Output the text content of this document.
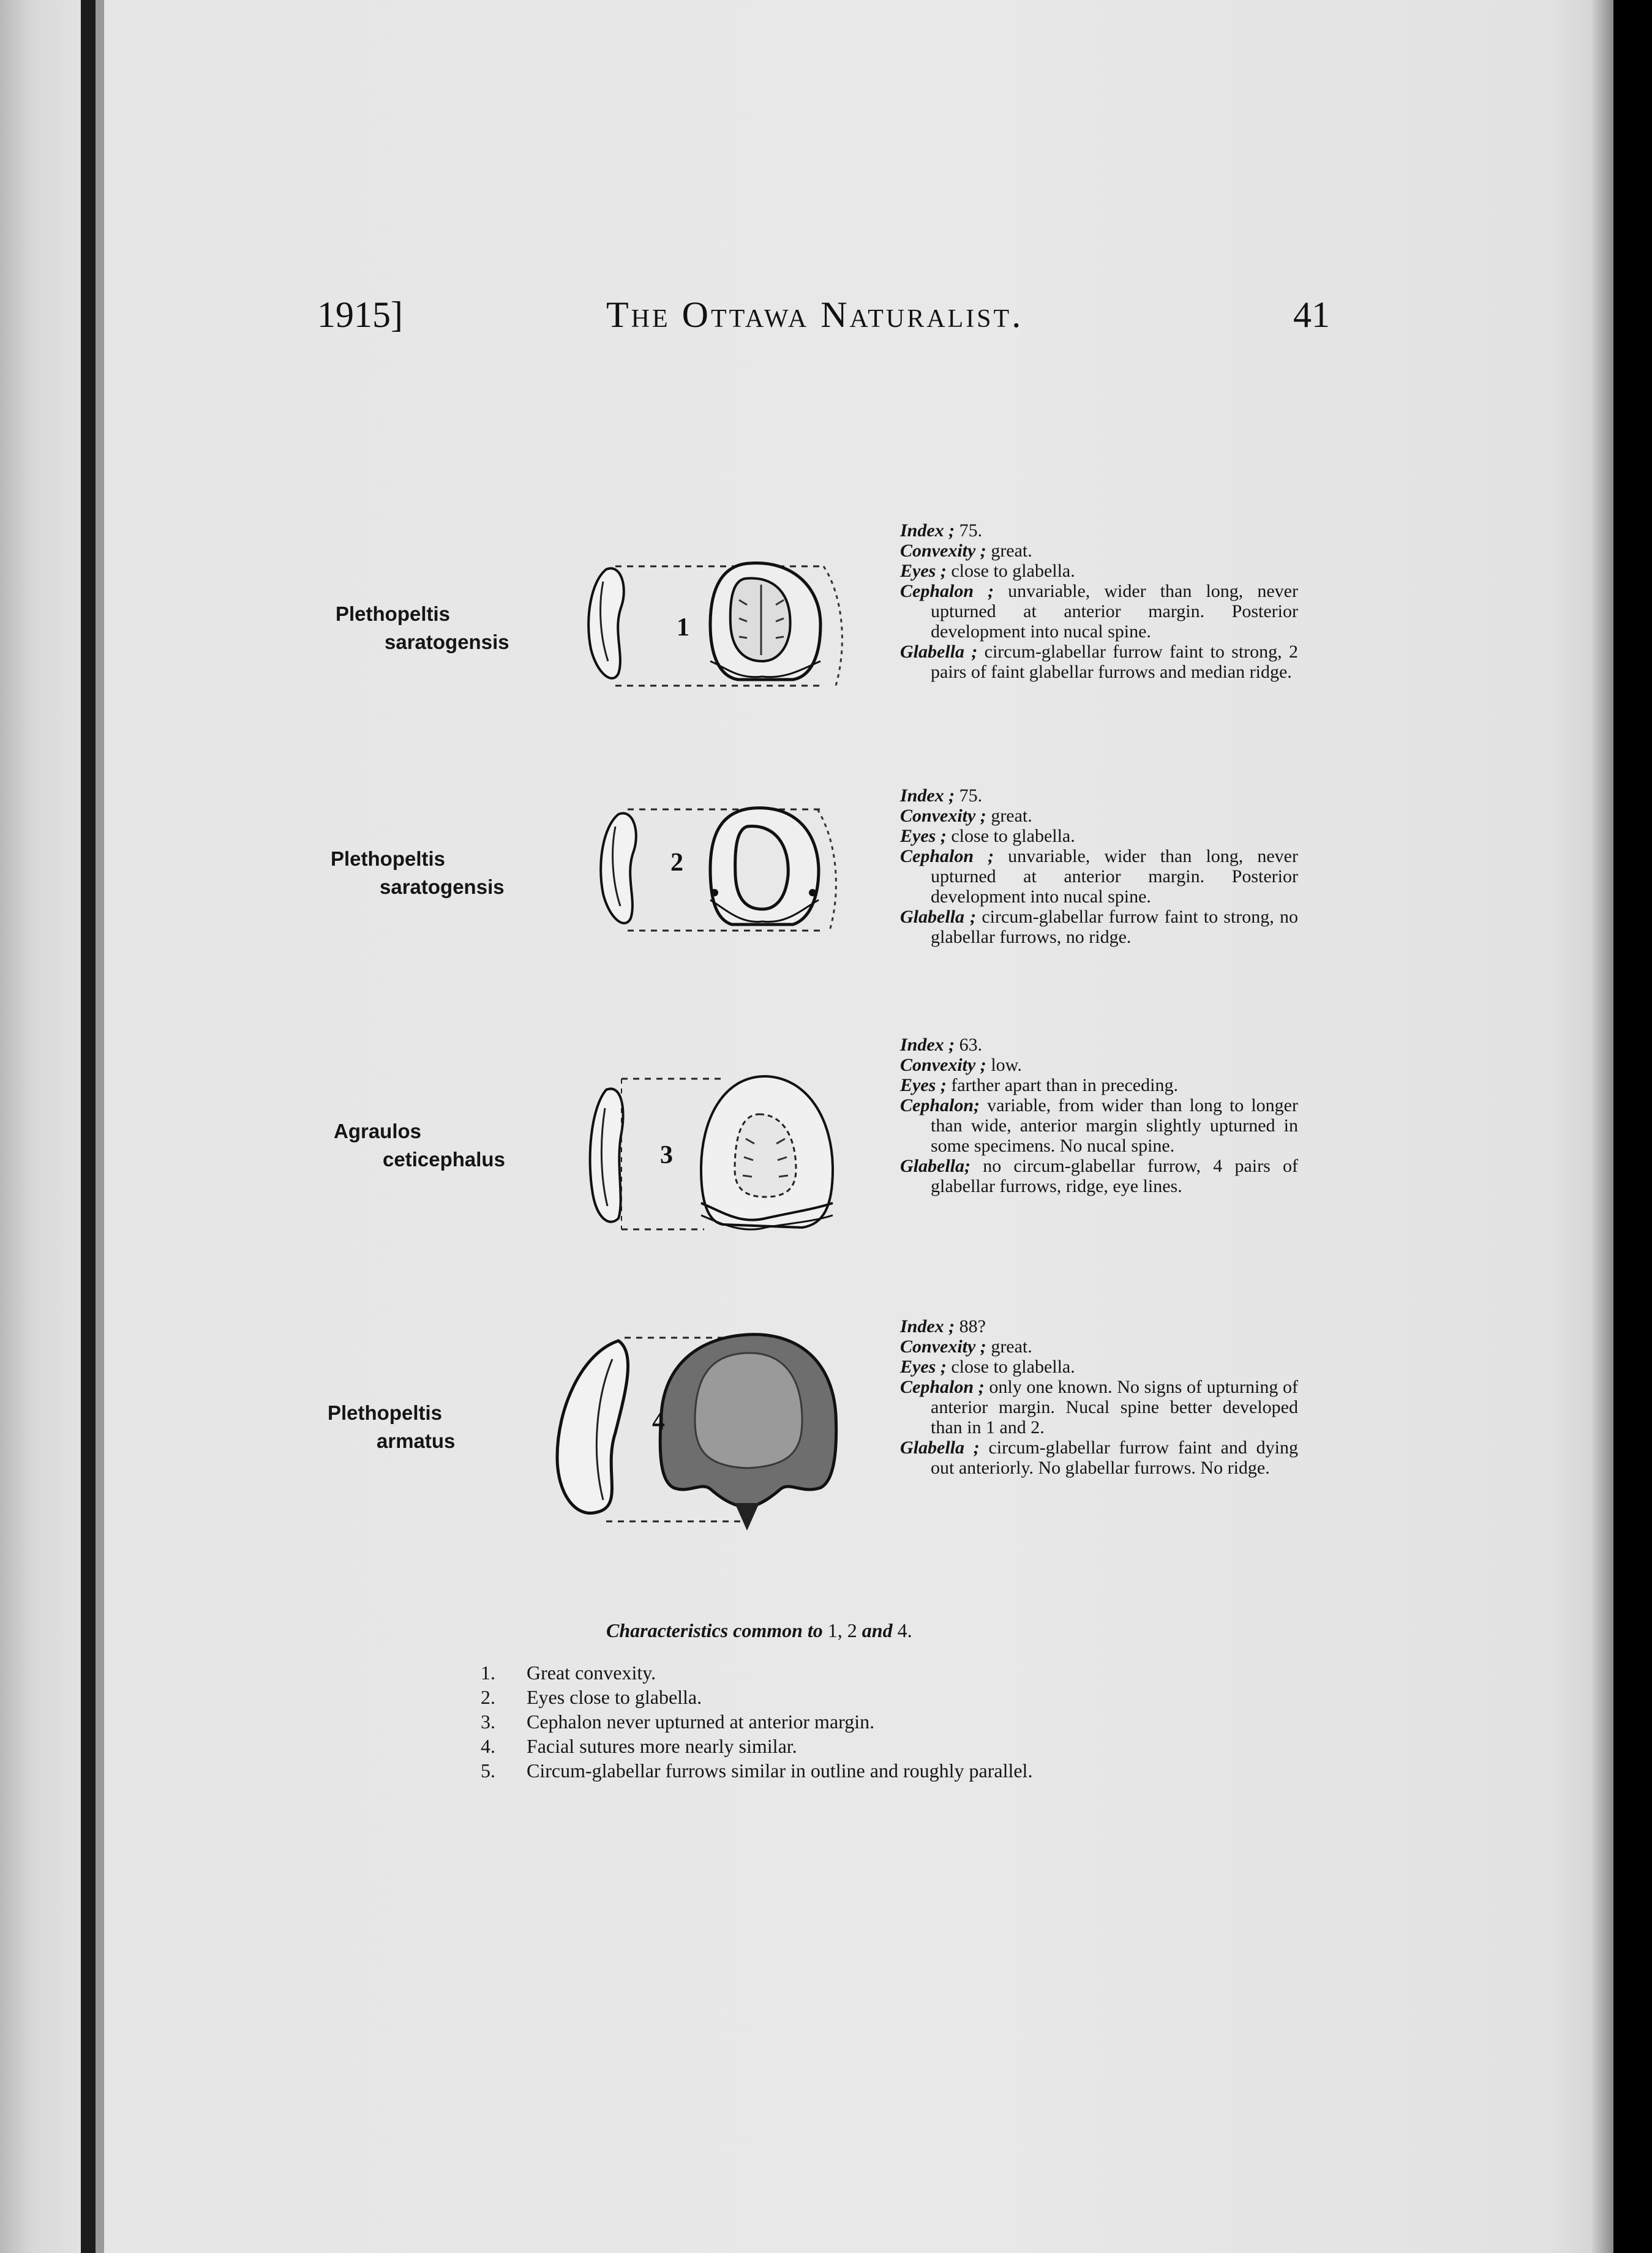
1915]	The Ottawa Naturalist.	41
Plethopeltis
saratogensis
1

Index ; 75.

Convexity ; great.

Eyes ; close to glabella.

Cephalon ; unvariable, wider than long, never upturned at anterior margin. Posterior development into nucal spine.

Glabella ; circum-glabellar furrow faint to strong, 2 pairs of faint glabellar furrows and median ridge.

Plethopeltis
saratogensis
2

Index ; 75.

Convexity ; great.

Eyes ; close to glabella.

Cephalon ; unvariable, wider than long, never upturned at anterior margin. Posterior development into nucal spine.

Glabella ; circum-glabellar furrow faint to strong, no glabellar furrows, no ridge.

Agraulos
ceticephalus	3

Index ; 63.

Convexity ; low.

Eyes ; farther apart than in preceding.

Cephalon; variable, from wider than long to longer than wide, anterior margin slightly upturned in some specimens. No nucal spine.

Glabella; no circum-glabellar furrow, 4 pairs of glabellar furrows, ridge, eye lines.

Plethopeltis
armatus
4

Index ; 88?

Convexity ; great.

Eyes ; close to glabella.

Cephalon ; only one known. No signs of upturning of anterior margin. Nucal spine better developed than in 1 and 2.

Glabella ; circum-glabellar furrow faint and dying out anteriorly. No glabellar furrows. No ridge.

Characteristics common to 1, 2 and 4.
1.	Great convexity.
2.	Eyes close to glabella.
3.	Cephalon never upturned at anterior margin.
4.	Facial sutures more nearly similar.
5.	Circum-glabellar furrows similar in outline and roughly parallel.
